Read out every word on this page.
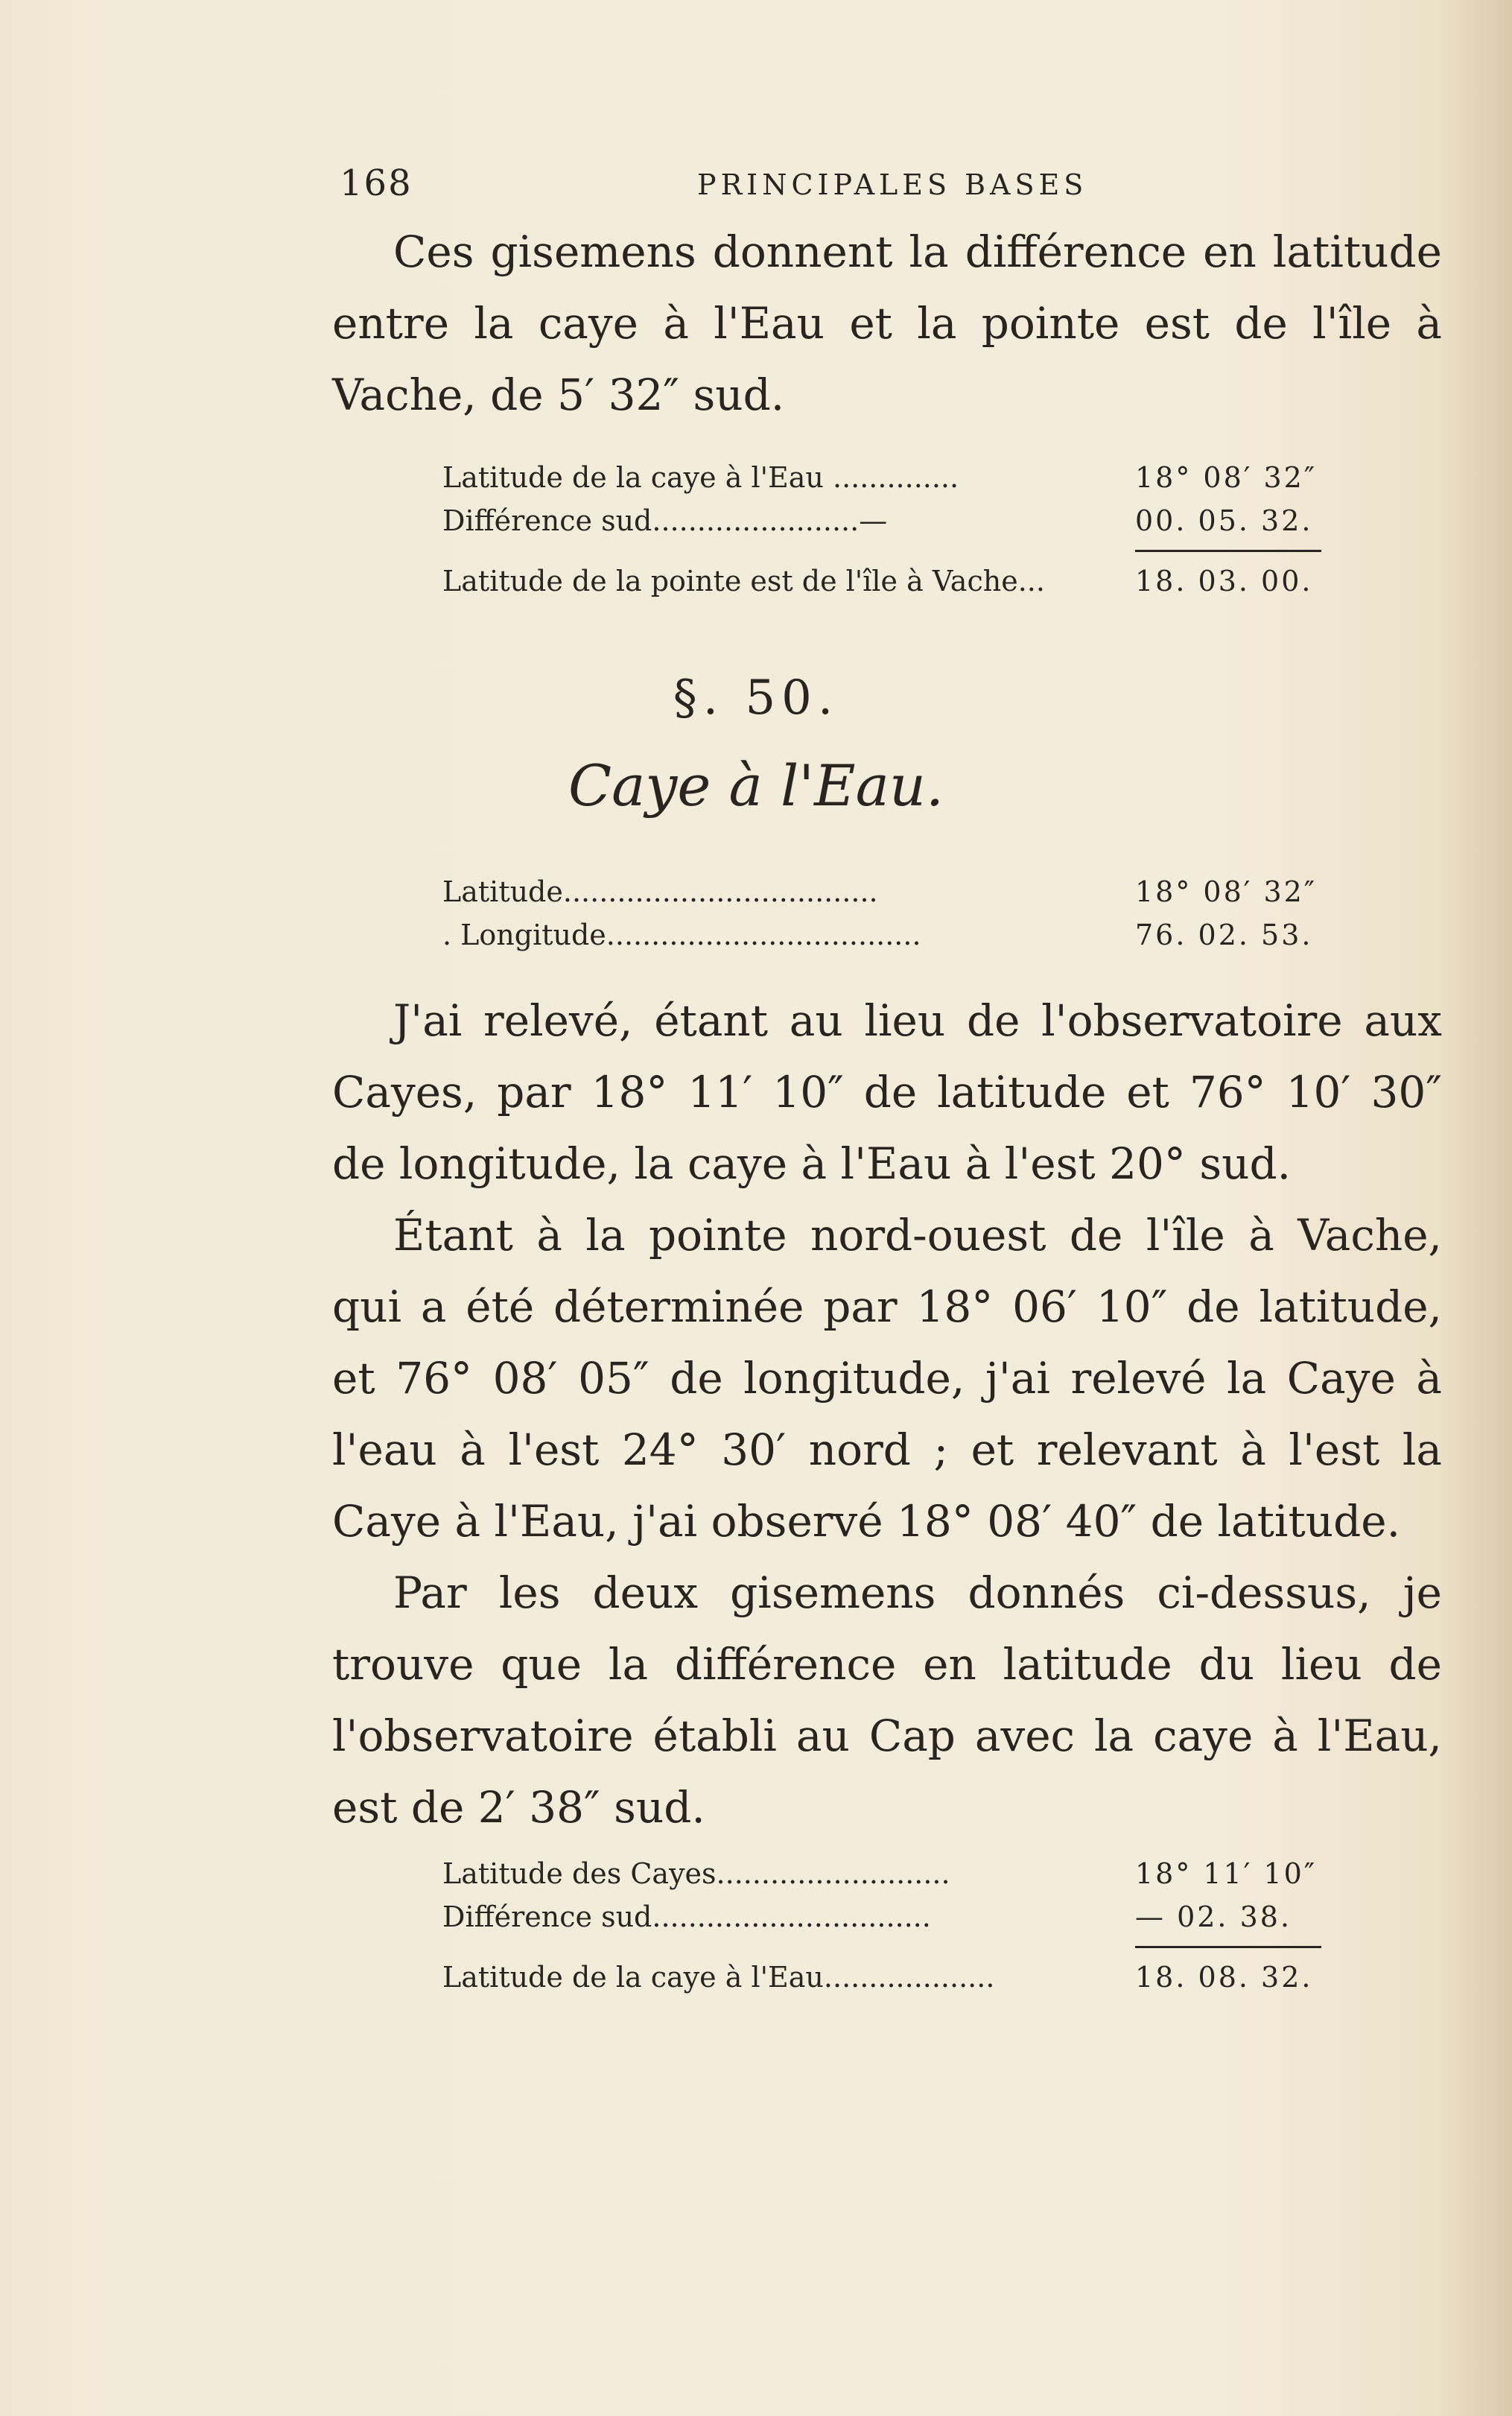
168	PRINCIPALES BASES

Ces gisemens donnent la différence en latitude entre la caye à l'Eau et la pointe est de l'île à Vache, de 5′ 32″ sud.

Latitude de la caye à l'Eau ..............	18° 08′ 32″
Différence sud.......................—	00. 05. 32.
Latitude de la pointe est de l'île à Vache...	18. 03. 00.
§. 50.
Caye à l'Eau.
Latitude...................................	18° 08′ 32″
. Longitude...................................	76. 02. 53.

J'ai relevé, étant au lieu de l'observatoire aux Cayes, par 18° 11′ 10″ de latitude et 76° 10′ 30″ de longitude, la caye à l'Eau à l'est 20° sud.

Étant à la pointe nord-ouest de l'île à Vache, qui a été déterminée par 18° 06′ 10″ de latitude, et 76° 08′ 05″ de longitude, j'ai relevé la Caye à l'eau à l'est 24° 30′ nord ; et relevant à l'est la Caye à l'Eau, j'ai observé 18° 08′ 40″ de latitude.

Par les deux gisemens donnés ci-dessus, je trouve que la différence en latitude du lieu de l'observatoire établi au Cap avec la caye à l'Eau, est de 2′ 38″ sud.

Latitude des Cayes..........................	18° 11′ 10″
Différence sud...............................	— 02. 38.
Latitude de la caye à l'Eau...................	18. 08. 32.
